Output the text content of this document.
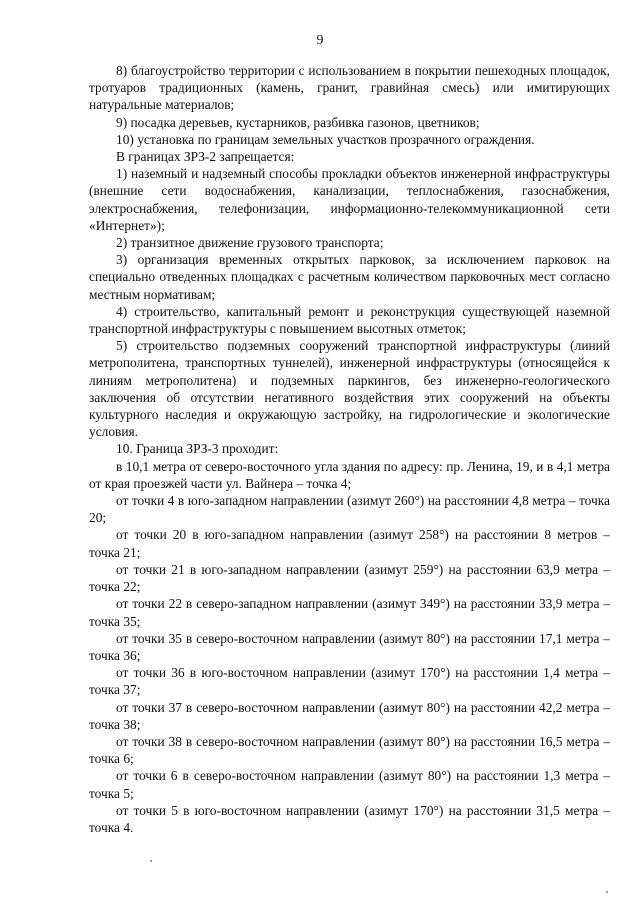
9

8) благоустройство территории с использованием в покрытии пешеходных площадок, тротуаров традиционных (камень, гранит, гравийная смесь) или имитирующих натуральные материалов;

9) посадка деревьев, кустарников, разбивка газонов, цветников;

10) установка по границам земельных участков прозрачного ограждения.

В границах ЗРЗ-2 запрещается:

1) наземный и надземный способы прокладки объектов инженерной инфраструктуры (внешние сети водоснабжения, канализации, теплоснабжения, газоснабжения, электроснабжения, телефонизации, информационно-телекоммуникационной сети «Интернет»);

2) транзитное движение грузового транспорта;

3) организация временных открытых парковок, за исключением парковок на специально отведенных площадках с расчетным количеством парковочных мест согласно местным нормативам;

4) строительство, капитальный ремонт и реконструкция существующей наземной транспортной инфраструктуры с повышением высотных отметок;

5) строительство подземных сооружений транспортной инфраструктуры (линий метрополитена, транспортных туннелей), инженерной инфраструктуры (относящейся к линиям метрополитена) и подземных паркингов, без инженерно-геологического заключения об отсутствии негативного воздействия этих сооружений на объекты культурного наследия и окружающую застройку, на гидрологические и экологические условия.

10. Граница ЗРЗ-3 проходит:

в 10,1 метра от северо-восточного угла здания по адресу: пр. Ленина, 19, и в 4,1 метра от края проезжей части ул. Вайнера – точка 4;

от точки 4 в юго-западном направлении (азимут 260°) на расстоянии 4,8 метра – точка 20;

от точки 20 в юго-западном направлении (азимут 258°) на расстоянии 8 метров – точка 21;

от точки 21 в юго-западном направлении (азимут 259°) на расстоянии 63,9 метра – точка 22;

от точки 22 в северо-западном направлении (азимут 349°) на расстоянии 33,9 метра – точка 35;

от точки 35 в северо-восточном направлении (азимут 80°) на расстоянии 17,1 метра – точка 36;

от точки 36 в юго-восточном направлении (азимут 170°) на расстоянии 1,4 метра – точка 37;

от точки 37 в северо-восточном направлении (азимут 80°) на расстоянии 42,2 метра – точка 38;

от точки 38 в северо-восточном направлении (азимут 80°) на расстоянии 16,5 метра – точка 6;

от точки 6 в северо-восточном направлении (азимут 80°) на расстоянии 1,3 метра – точка 5;

от точки 5 в юго-восточном направлении (азимут 170°) на расстоянии 31,5 метра – точка 4.
